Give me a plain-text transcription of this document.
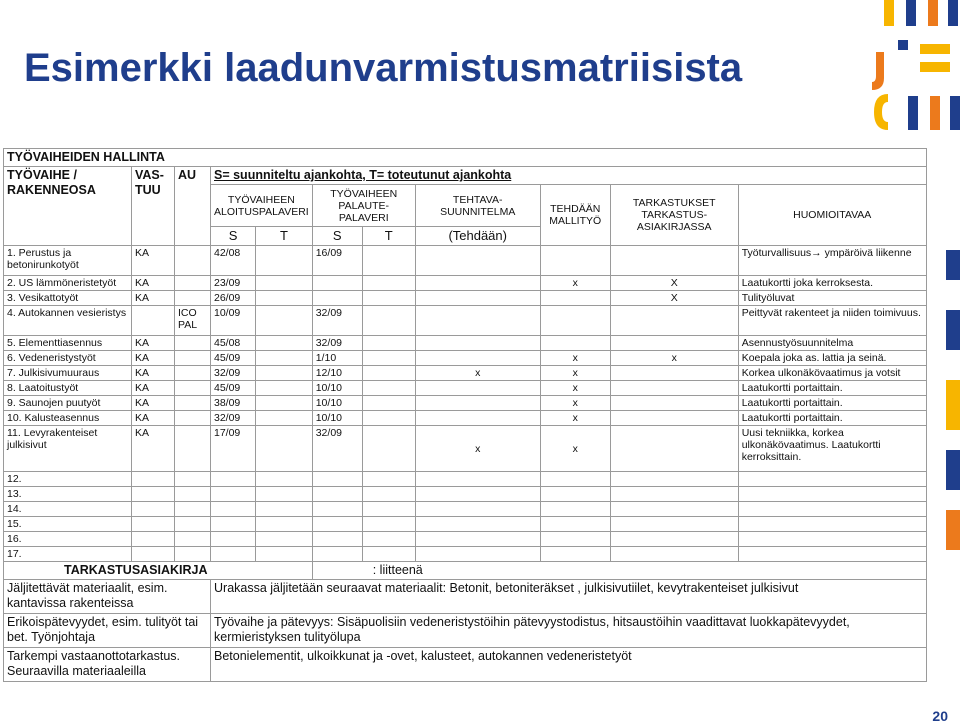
Esimerkki laadunvarmistusmatriisista
TYÖVAIHEIDEN HALLINTA										
TYÖVAIHE / RAKENNEOSA	VAS-TUU	AU	S= suunniteltu ajankohta, T= toteutunut ajankohta							
			TYÖVAIHEEN ALOITUSPALAVERI		TYÖVAIHEEN PALAUTE-PALAVERI		TEHTAVA-SUUNNITELMA	TEHDÄÄN MALLITYÖ	TARKASTUKSET TARKASTUS-ASIAKIRJASSA	HUOMIOITAVAA

			S	T	S	T	(Tehdään)			
1. Perustus ja betonirunkotyöt	KA		42/08		16/09					Työturvallisuus→ ympäröivä liikenne
2. US lämmöneristetyöt	KA		23/09					x	X	Laatukortti joka kerroksesta.
3. Vesikattotyöt	KA		26/09						X	Tulityöluvat
4. Autokannen vesieristys		ICO PAL	10/09		32/09					Peittyvät rakenteet ja niiden toimivuus.
5. Elementtiasennus	KA		45/08		32/09					Asennustyösuunnitelma
6. Vedeneristystyöt	KA		45/09		1/10			x	x	Koepala joka as. lattia ja seinä.
7. Julkisivumuuraus	KA		32/09		12/10		x	x		Korkea ulkonäkövaatimus ja votsit
8. Laatoitustyöt	KA		45/09		10/10			x		Laatukortti portaittain.
9. Saunojen puutyöt	KA		38/09		10/10			x		Laatukortti portaittain.
10. Kalusteasennus	KA		32/09		10/10			x		Laatukortti portaittain.
11. Levyrakenteiset julkisivut	KA		17/09		32/09		x	x		Uusi tekniikka, korkea ulkonäkövaatimus. Laatukortti kerroksittain.
12.										
13.										
14.										
15.										
16.										
17.										
TARKASTUSASIAKIRJA					: liitteenä					
Jäljitettävät materiaalit, esim. kantavissa rakenteissa			Urakassa jäljitetään seuraavat materiaalit: Betonit, betoniteräkset , julkisivutiilet, kevytrakenteiset julkisivut							
Erikoispätevyydet, esim. tulityöt tai bet. Työnjohtaja			Työvaihe ja pätevyys: Sisäpuolisiin vedeneristystöihin pätevyystodistus, hitsaustöihin vaadittavat luokkapätevyydet, kermieristyksen tulityölupa							
Tarkempi vastaanottotarkastus. Seuraavilla materiaaleilla			Betonielementit, ulkoikkunat ja -ovet, kalusteet, autokannen vedeneristetyöt							
20
